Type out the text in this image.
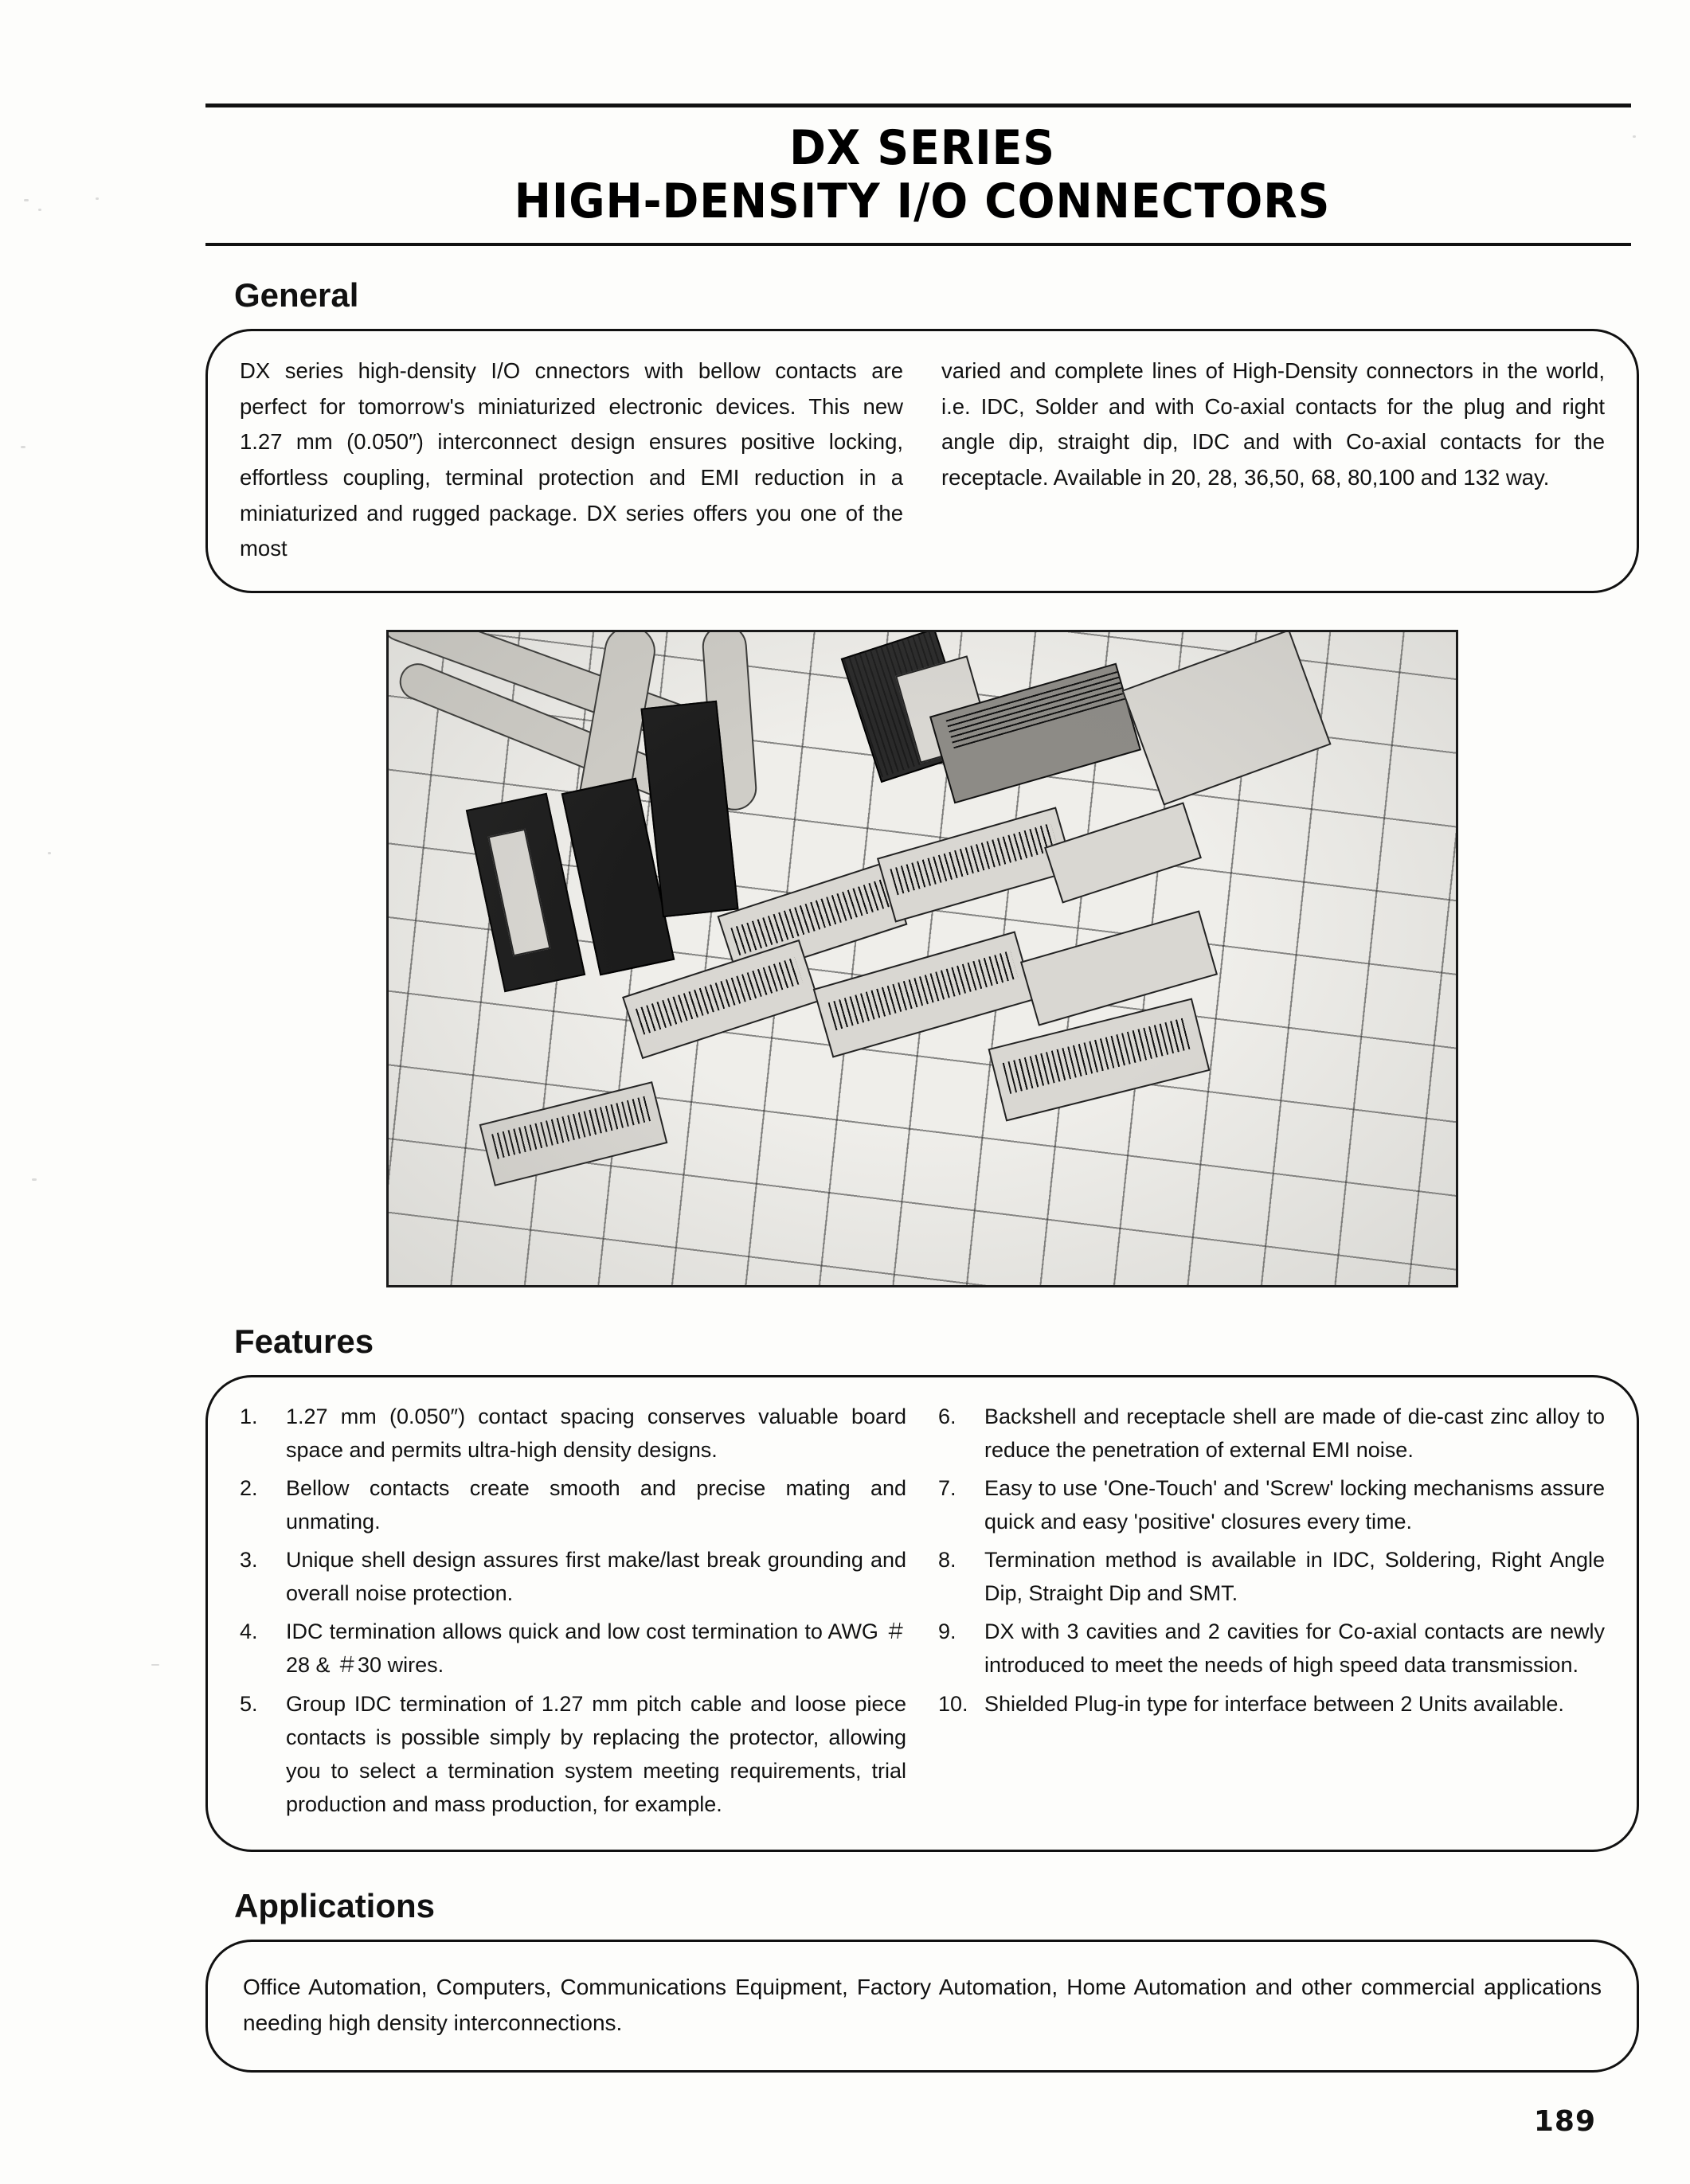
DX SERIES
HIGH-DENSITY I/O CONNECTORS
General
DX series high-density I/O cnnectors with bellow contacts are perfect for tomorrow's miniaturized electronic devices. This new 1.27 mm (0.050″) interconnect design ensures positive locking, effortless coupling, terminal protection and EMI reduction in a miniaturized and rugged package. DX series offers you one of the most
varied and complete lines of High-Density connectors in the world, i.e. IDC, Solder and with Co-axial contacts for the plug and right angle dip, straight dip, IDC and with Co-axial contacts for the receptacle. Available in 20, 28, 36,50, 68, 80,100 and 132 way.
Features
1.	1.27 mm (0.050″) contact spacing conserves valuable board space and permits ultra-high density designs.
2.	Bellow contacts create smooth and precise mating and unmating.
3.	Unique shell design assures first make/last break grounding and overall noise protection.
4.	IDC termination allows quick and low cost termination to AWG ＃28 & ＃30 wires.
5.	Group IDC termination of 1.27 mm pitch cable and loose piece contacts is possible simply by replacing the protector, allowing you to select a termination system meeting requirements, trial production and mass production, for example.
6.	Backshell and receptacle shell are made of die-cast zinc alloy to reduce the penetration of external EMI noise.
7.	Easy to use 'One-Touch' and 'Screw' locking mechanisms assure quick and easy 'positive' closures every time.
8.	Termination method is available in IDC, Soldering, Right Angle Dip, Straight Dip and SMT.
9.	DX with 3 cavities and 2 cavities for Co-axial contacts are newly introduced to meet the needs of high speed data transmission.
10. Shielded Plug-in type for interface between 2 Units available.
Applications
Office Automation, Computers, Communications Equipment, Factory Automation, Home Automation and other commercial applications needing high density interconnections.
189
